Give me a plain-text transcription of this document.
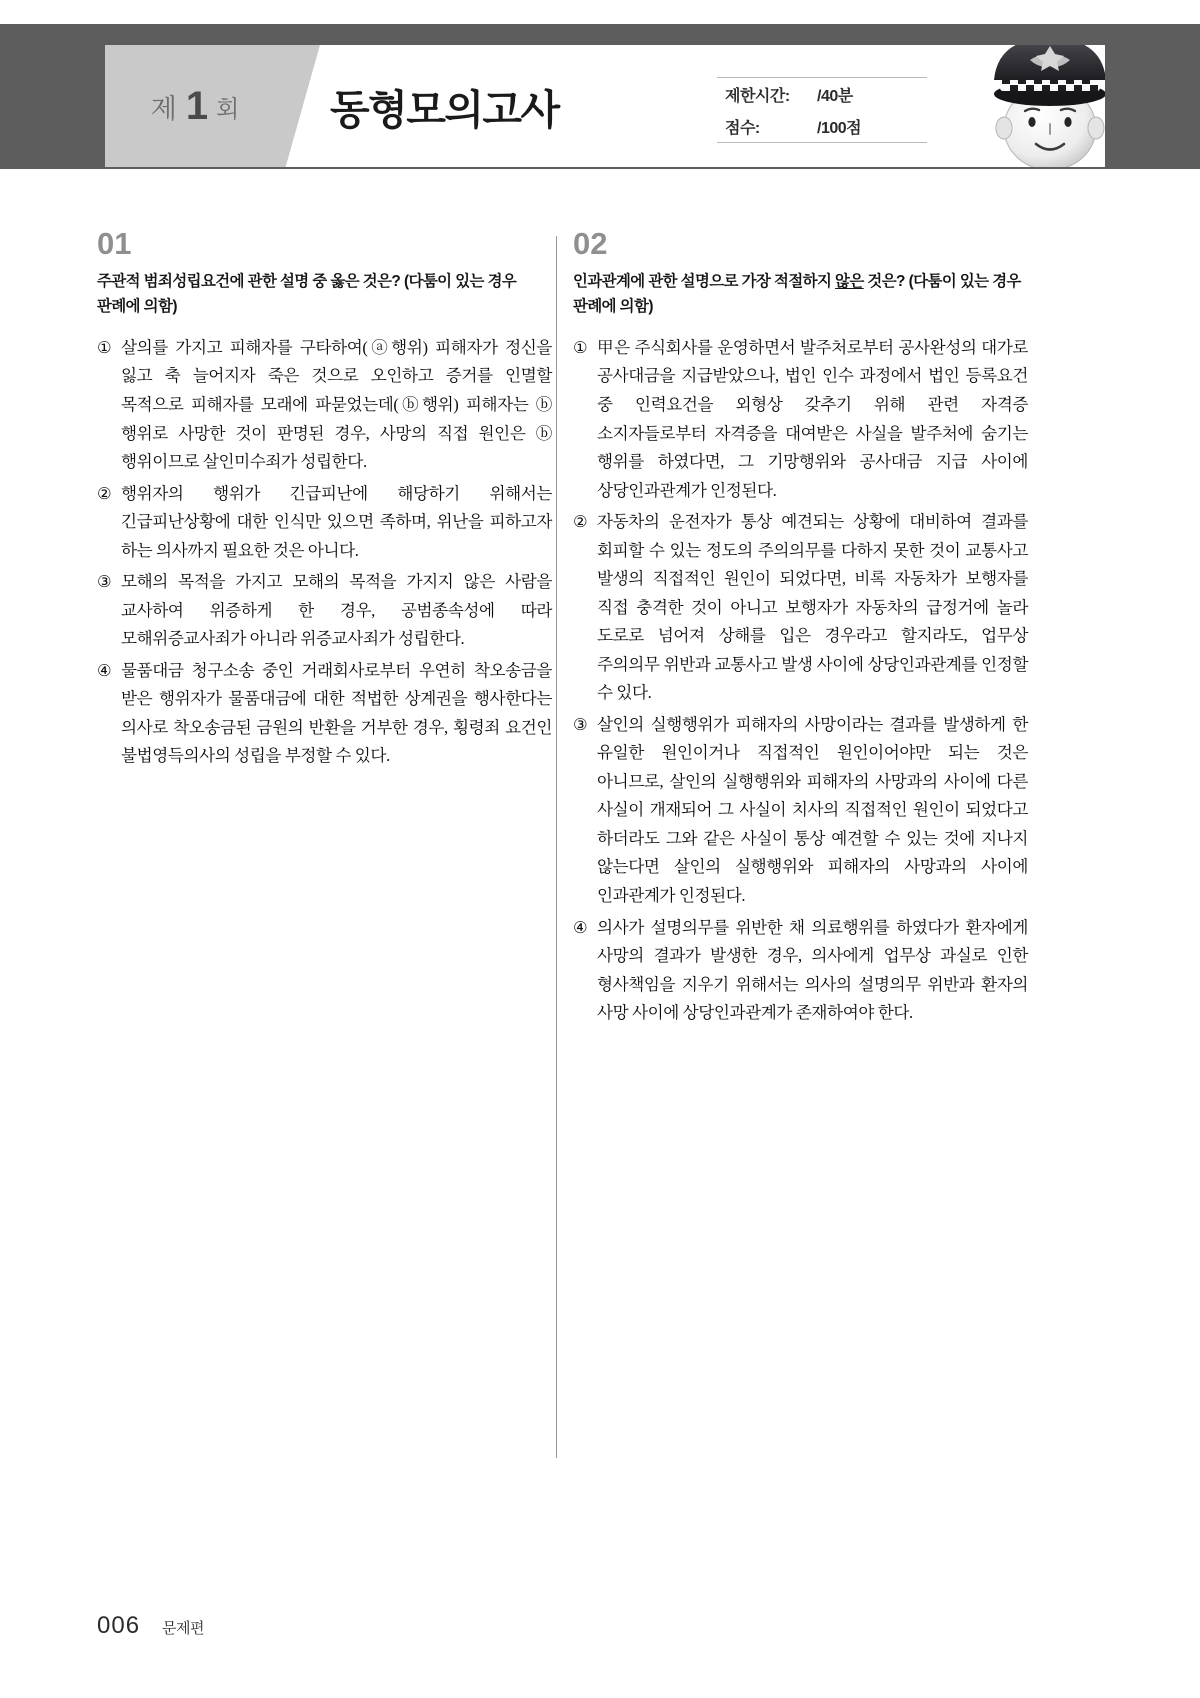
제 1 회 동형모의고사	제한시간:	/40분
점수:	/100점
정답 및 해설 p. 082
01
주관적 범죄성립요건에 관한 설명 중 옳은 것은? (다툼이 있는 경우 판례에 의함)
① 살의를 가지고 피해자를 구타하여(ⓐ행위) 피해자가 정신을 잃고 축 늘어지자 죽은 것으로 오인하고 증거를 인멸할 목적으로 피해자를 모래에 파묻었는데(ⓑ행위) 피해자는 ⓑ행위로 사망한 것이 판명된 경우, 사망의 직접 원인은 ⓑ행위이므로 살인미수죄가 성립한다.
② 행위자의 행위가 긴급피난에 해당하기 위해서는 긴급피난상황에 대한 인식만 있으면 족하며, 위난을 피하고자 하는 의사까지 필요한 것은 아니다.
③ 모해의 목적을 가지고 모해의 목적을 가지지 않은 사람을 교사하여 위증하게 한 경우, 공범종속성에 따라 모해위증교사죄가 아니라 위증교사죄가 성립한다.
④ 물품대금 청구소송 중인 거래회사로부터 우연히 착오송금을 받은 행위자가 물품대금에 대한 적법한 상계권을 행사한다는 의사로 착오송금된 금원의 반환을 거부한 경우, 횡령죄 요건인 불법영득의사의 성립을 부정할 수 있다.
02
인과관계에 관한 설명으로 가장 적절하지 않은 것은? (다툼이 있는 경우 판례에 의함)
① 甲은 주식회사를 운영하면서 발주처로부터 공사완성의 대가로 공사대금을 지급받았으나, 법인 인수 과정에서 법인 등록요건 중 인력요건을 외형상 갖추기 위해 관련 자격증 소지자들로부터 자격증을 대여받은 사실을 발주처에 숨기는 행위를 하였다면, 그 기망행위와 공사대금 지급 사이에 상당인과관계가 인정된다.
② 자동차의 운전자가 통상 예견되는 상황에 대비하여 결과를 회피할 수 있는 정도의 주의의무를 다하지 못한 것이 교통사고 발생의 직접적인 원인이 되었다면, 비록 자동차가 보행자를 직접 충격한 것이 아니고 보행자가 자동차의 급정거에 놀라 도로로 넘어져 상해를 입은 경우라고 할지라도, 업무상 주의의무 위반과 교통사고 발생 사이에 상당인과관계를 인정할 수 있다.
③ 살인의 실행행위가 피해자의 사망이라는 결과를 발생하게 한 유일한 원인이거나 직접적인 원인이어야만 되는 것은 아니므로, 살인의 실행행위와 피해자의 사망과의 사이에 다른 사실이 개재되어 그 사실이 치사의 직접적인 원인이 되었다고 하더라도 그와 같은 사실이 통상 예견할 수 있는 것에 지나지 않는다면 살인의 실행행위와 피해자의 사망과의 사이에 인과관계가 인정된다.
④ 의사가 설명의무를 위반한 채 의료행위를 하였다가 환자에게 사망의 결과가 발생한 경우, 의사에게 업무상 과실로 인한 형사책임을 지우기 위해서는 의사의 설명의무 위반과 환자의 사망 사이에 상당인과관계가 존재하여야 한다.
006 문제편
